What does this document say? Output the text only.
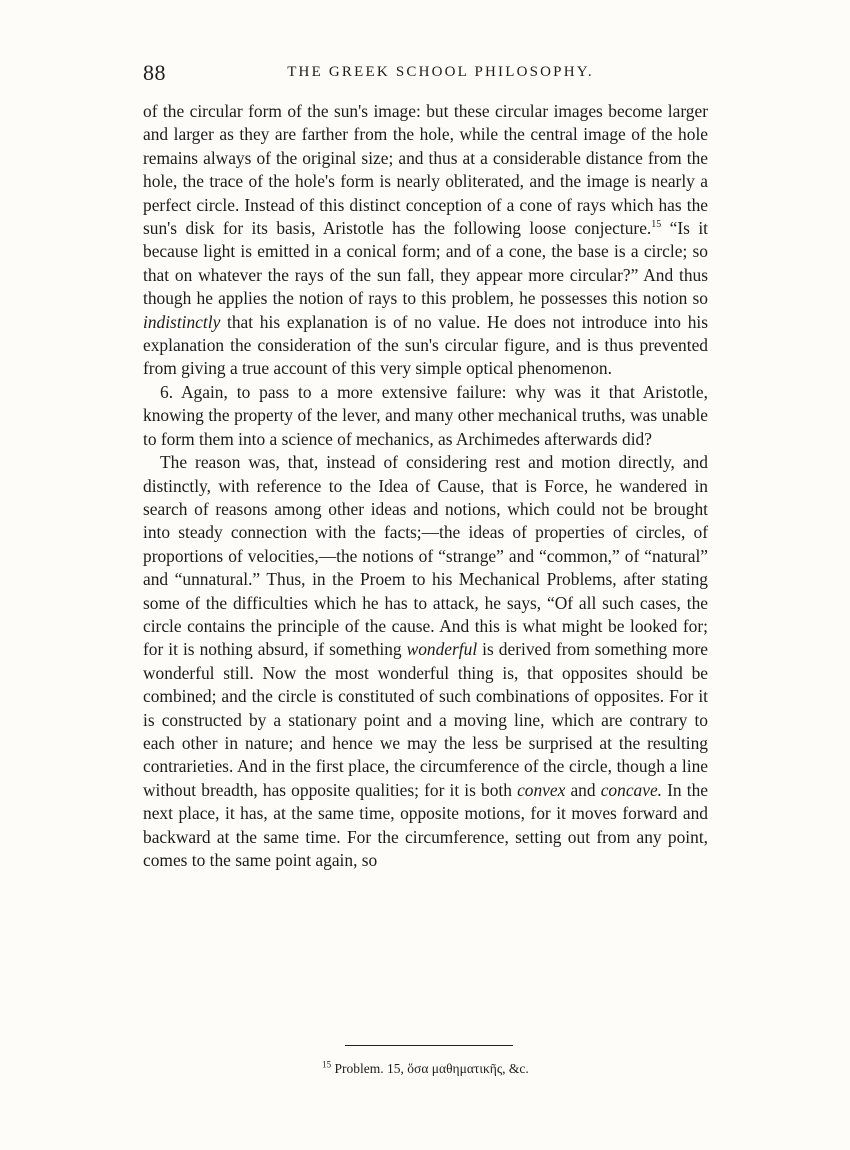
88	THE GREEK SCHOOL PHILOSOPHY.

of the circular form of the sun's image: but these circular images become larger and larger as they are farther from the hole, while the central image of the hole remains always of the original size; and thus at a considerable distance from the hole, the trace of the hole's form is nearly obliterated, and the image is nearly a perfect circle. Instead of this distinct conception of a cone of rays which has the sun's disk for its basis, Aristotle has the following loose conjecture.$^{15}$ “Is it because light is emitted in a conical form; and of a cone, the base is a circle; so that on whatever the rays of the sun fall, they appear more circular?” And thus though he applies the notion of rays to this problem, he possesses this notion so indistinctly that his explanation is of no value. He does not introduce into his explanation the consideration of the sun's circular figure, and is thus prevented from giving a true account of this very simple optical phenomenon.

6. Again, to pass to a more extensive failure: why was it that Aristotle, knowing the property of the lever, and many other mechanical truths, was unable to form them into a science of mechanics, as Archimedes afterwards did?

The reason was, that, instead of considering rest and motion directly, and distinctly, with reference to the Idea of Cause, that is Force, he wandered in search of reasons among other ideas and notions, which could not be brought into steady connection with the facts;—the ideas of properties of circles, of proportions of velocities,—the notions of “strange” and “common,” of “natural” and “unnatural.” Thus, in the Proem to his Mechanical Problems, after stating some of the difficulties which he has to attack, he says, “Of all such cases, the circle contains the principle of the cause. And this is what might be looked for; for it is nothing absurd, if something wonderful is derived from something more wonderful still. Now the most wonderful thing is, that opposites should be combined; and the circle is constituted of such combinations of opposites. For it is constructed by a stationary point and a moving line, which are contrary to each other in nature; and hence we may the less be surprised at the resulting contrarieties. And in the first place, the circumference of the circle, though a line without breadth, has opposite qualities; for it is both convex and concave. In the next place, it has, at the same time, opposite motions, for it moves forward and backward at the same time. For the circumference, setting out from any point, comes to the same point again, so

$^{15}$ Problem. 15, ὅσα μαθηματικῆς, &c.
